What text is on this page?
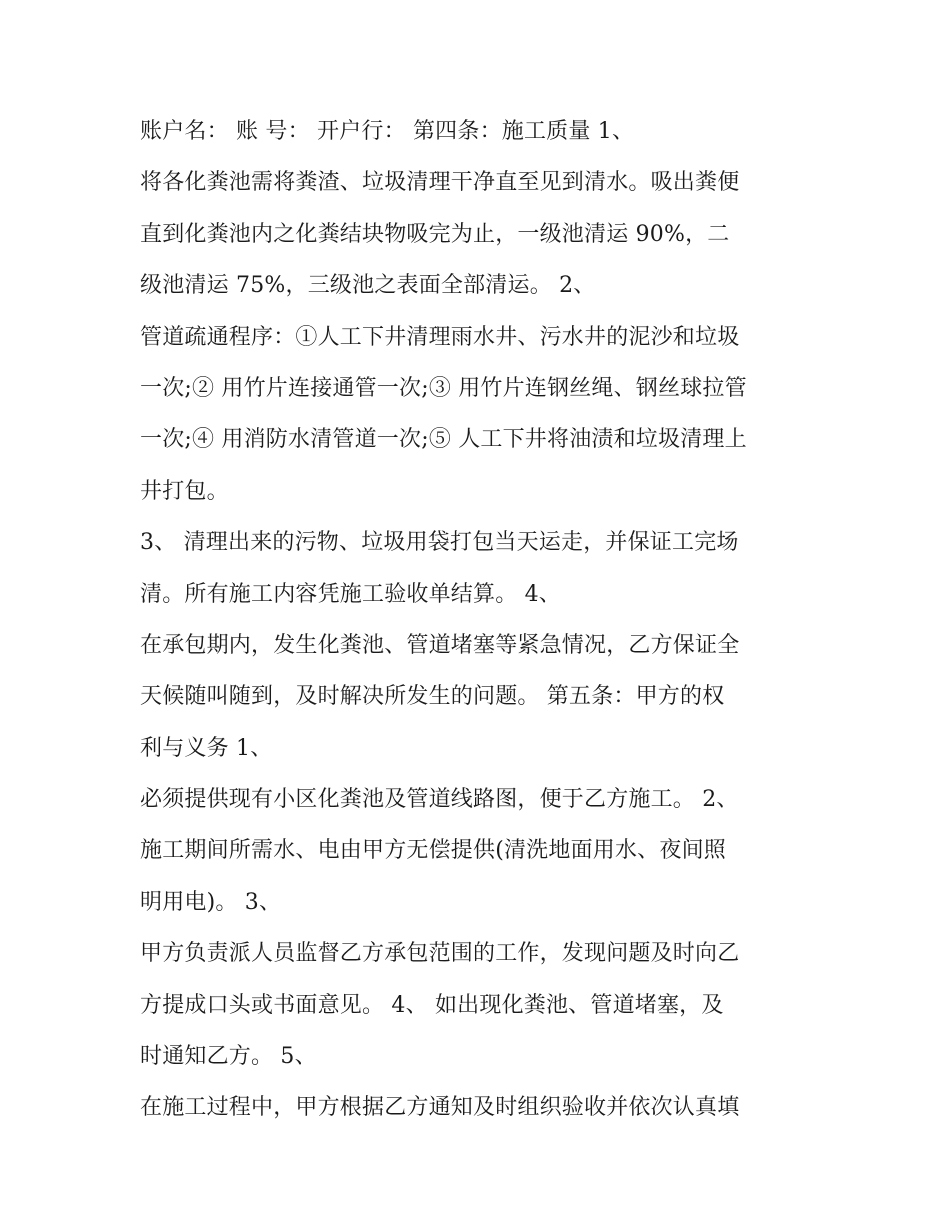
账户名： 账 号： 开户行： 第四条：施工质量 1、
将各化粪池需将粪渣、垃圾清理干净直至见到清水。吸出粪便
直到化粪池内之化粪结块物吸完为止，一级池清运 90%，二
级池清运 75%，三级池之表面全部清运。 2、
管道疏通程序：①人工下井清理雨水井、污水井的泥沙和垃圾
一次;② 用竹片连接通管一次;③ 用竹片连钢丝绳、钢丝球拉管
一次;④ 用消防水清管道一次;⑤ 人工下井将油渍和垃圾清理上
井打包。
3、 清理出来的污物、垃圾用袋打包当天运走，并保证工完场
清。所有施工内容凭施工验收单结算。 4、
在承包期内，发生化粪池、管道堵塞等紧急情况，乙方保证全
天候随叫随到，及时解决所发生的问题。 第五条：甲方的权
利与义务 1、
必须提供现有小区化粪池及管道线路图，便于乙方施工。 2、
施工期间所需水、电由甲方无偿提供(清洗地面用水、夜间照
明用电)。 3、
甲方负责派人员监督乙方承包范围的工作，发现问题及时向乙
方提成口头或书面意见。 4、 如出现化粪池、管道堵塞，及
时通知乙方。 5、
在施工过程中，甲方根据乙方通知及时组织验收并依次认真填
